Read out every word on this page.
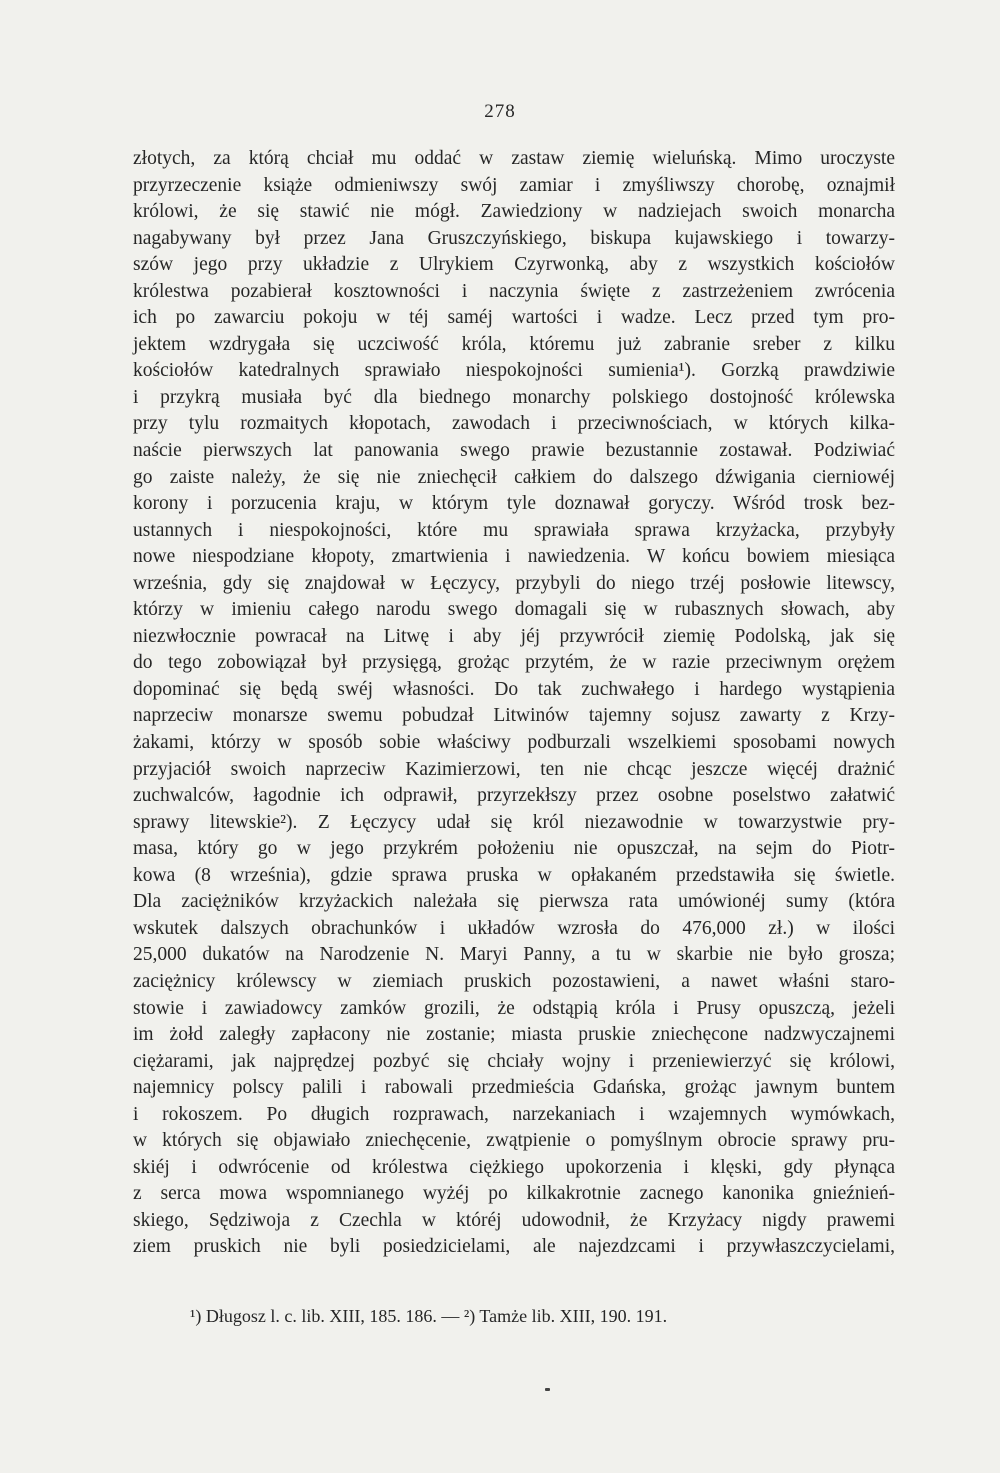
278
złotych, za którą chciał mu oddać w zastaw ziemię wieluńską. Mimo uroczyste
przyrzeczenie książe odmieniwszy swój zamiar i zmyśliwszy chorobę, oznajmił
królowi, że się stawić nie mógł. Zawiedziony w nadziejach swoich monarcha
nagabywany był przez Jana Gruszczyńskiego, biskupa kujawskiego i towarzy-
szów jego przy układzie z Ulrykiem Czyrwonką, aby z wszystkich kościołów
królestwa pozabierał kosztowności i naczynia święte z zastrzeżeniem zwrócenia
ich po zawarciu pokoju w téj saméj wartości i wadze. Lecz przed tym pro-
jektem wzdrygała się uczciwość króla, któremu już zabranie sreber z kilku
kościołów katedralnych sprawiało niespokojności sumienia¹). Gorzką prawdziwie
i przykrą musiała być dla biednego monarchy polskiego dostojność królewska
przy tylu rozmaitych kłopotach, zawodach i przeciwnościach, w których kilka-
naście pierwszych lat panowania swego prawie bezustannie zostawał. Podziwiać
go zaiste należy, że się nie zniechęcił całkiem do dalszego dźwigania cierniowéj
korony i porzucenia kraju, w którym tyle doznawał goryczy. Wśród trosk bez-
ustannych i niespokojności, które mu sprawiała sprawa krzyżacka, przybyły
nowe niespodziane kłopoty, zmartwienia i nawiedzenia. W końcu bowiem miesiąca
września, gdy się znajdował w Łęczycy, przybyli do niego trzéj posłowie litewscy,
którzy w imieniu całego narodu swego domagali się w rubasznych słowach, aby
niezwłocznie powracał na Litwę i aby jéj przywrócił ziemię Podolską, jak się
do tego zobowiązał był przysięgą, grożąc przytém, że w razie przeciwnym orężem
dopominać się będą swéj własności. Do tak zuchwałego i hardego wystąpienia
naprzeciw monarsze swemu pobudzał Litwinów tajemny sojusz zawarty z Krzy-
żakami, którzy w sposób sobie właściwy podburzali wszelkiemi sposobami nowych
przyjaciół swoich naprzeciw Kazimierzowi, ten nie chcąc jeszcze więcéj drażnić
zuchwalców, łagodnie ich odprawił, przyrzekłszy przez osobne poselstwo załatwić
sprawy litewskie²). Z Łęczycy udał się król niezawodnie w towarzystwie pry-
masa, który go w jego przykrém położeniu nie opuszczał, na sejm do Piotr-
kowa (8 września), gdzie sprawa pruska w opłakaném przedstawiła się świetle.
Dla zaciężników krzyżackich należała się pierwsza rata umówionéj sumy (która
wskutek dalszych obrachunków i układów wzrosła do 476,000 zł.) w ilości
25,000 dukatów na Narodzenie N. Maryi Panny, a tu w skarbie nie było grosza;
zaciężnicy królewscy w ziemiach pruskich pozostawieni, a nawet właśni staro-
stowie i zawiadowcy zamków grozili, że odstąpią króla i Prusy opuszczą, jeżeli
im żołd zaległy zapłacony nie zostanie; miasta pruskie zniechęcone nadzwyczajnemi
ciężarami, jak najprędzej pozbyć się chciały wojny i przeniewierzyć się królowi,
najemnicy polscy palili i rabowali przedmieścia Gdańska, grożąc jawnym buntem
i rokoszem. Po długich rozprawach, narzekaniach i wzajemnych wymówkach,
w których się objawiało zniechęcenie, zwątpienie o pomyślnym obrocie sprawy pru-
skiéj i odwrócenie od królestwa ciężkiego upokorzenia i klęski, gdy płynąca
z serca mowa wspomnianego wyżéj po kilkakrotnie zacnego kanonika gnieźnień-
skiego, Sędziwoja z Czechla w któréj udowodnił, że Krzyżacy nigdy prawemi
ziem pruskich nie byli posiedzicielami, ale najezdzcami i przywłaszczycielami,
¹) Długosz l. c. lib. XIII, 185. 186. — ²) Tamże lib. XIII, 190. 191.
